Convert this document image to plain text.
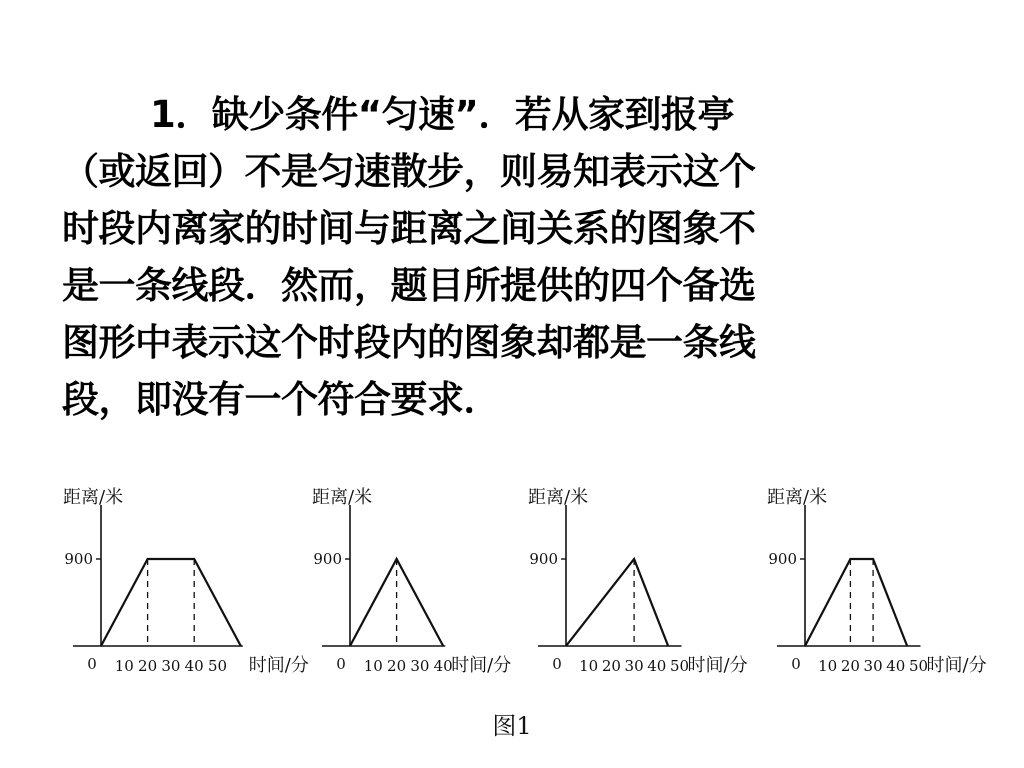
1．缺少条件“匀速”．若从家到报亭
（或返回）不是匀速散步，则易知表示这个
时段内离家的时间与距离之间关系的图象不
是一条线段．然而，题目所提供的四个备选
图形中表示这个时段内的图象却都是一条线
段，即没有一个符合要求．
距离/米
900
0 10 20 30 40 50 时间/分
距离/米
900
0 10 20 30 40
时间/分
距离/米
900
0 10 20 30 40 50
时间/分
距离/米
900
0 10 20 30 40 50
时间/分
图1
